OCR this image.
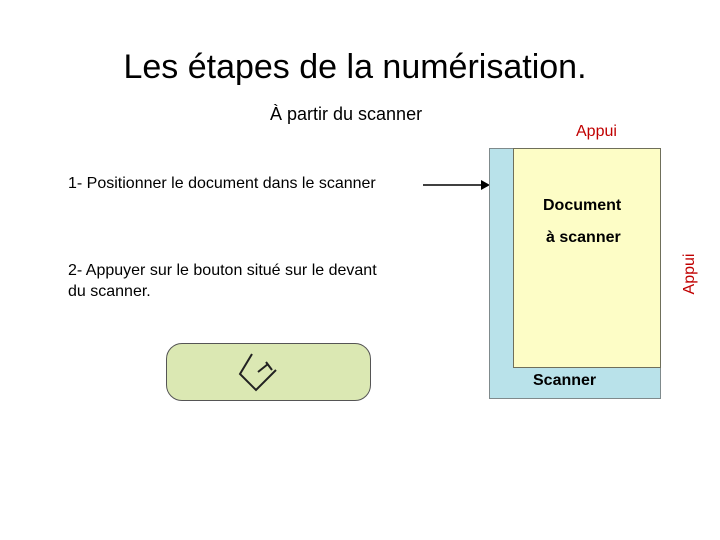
Les étapes de la numérisation.
À partir du scanner
1- Positionner le document dans le scanner
2- Appuyer sur le bouton situé sur le devant du scanner.
Document
à scanner
Scanner
Appui
Appui
